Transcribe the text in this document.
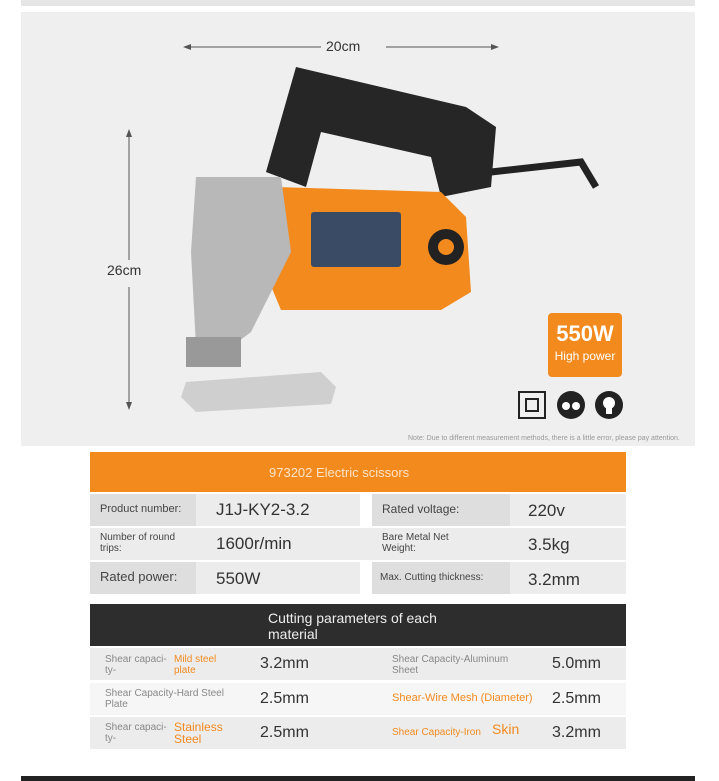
20cm
26cm
550W
High power
Note: Due to different measurement methods, there is a little error, please pay attention.
973202 Electric scissors
Product number: J1J-KY2-3.2	Rated voltage:	220v
Number of round trips:	1600r/min	Bare Metal Net Weight:	3.5kg
Rated power: 550W	Max. Cutting thickness:	3.2mm
Cutting parameters of each material
Shear capaci-
ty-
Mild steel plate	3.2mm	Shear Capacity-Aluminum Sheet	5.0mm
Shear Capacity-Hard Steel
Plate	2.5mm	Shear-Wire Mesh (Diameter) 2.5mm
Shear capaci-
ty-
Stainless Steel	2.5mm	Shear Capacity-Iron Skin 3.2mm
